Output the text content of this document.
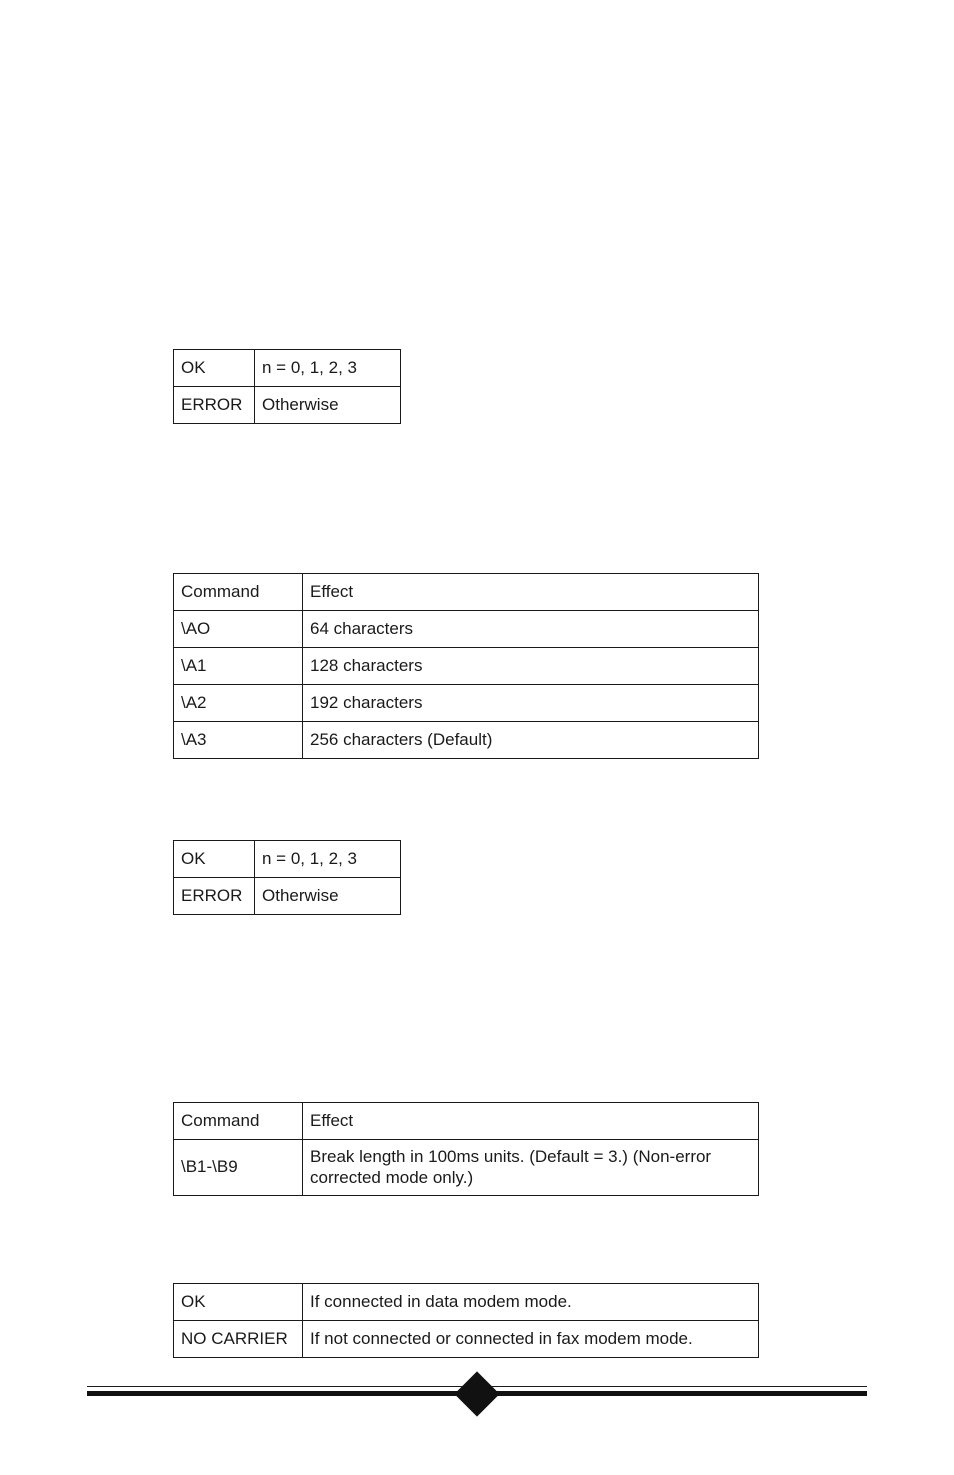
OK	n = 0, 1, 2, 3
ERROR	Otherwise
Command	Effect
\AO	64 characters
\A1	128 characters
\A2	192 characters
\A3	256 characters (Default)
OK	n = 0, 1, 2, 3
ERROR	Otherwise
Command	Effect
\B1-\B9	Break length in 100ms units. (Default = 3.) (Non-error corrected mode only.)
OK	If connected in data modem mode.
NO CARRIER	If not connected or connected in fax modem mode.
